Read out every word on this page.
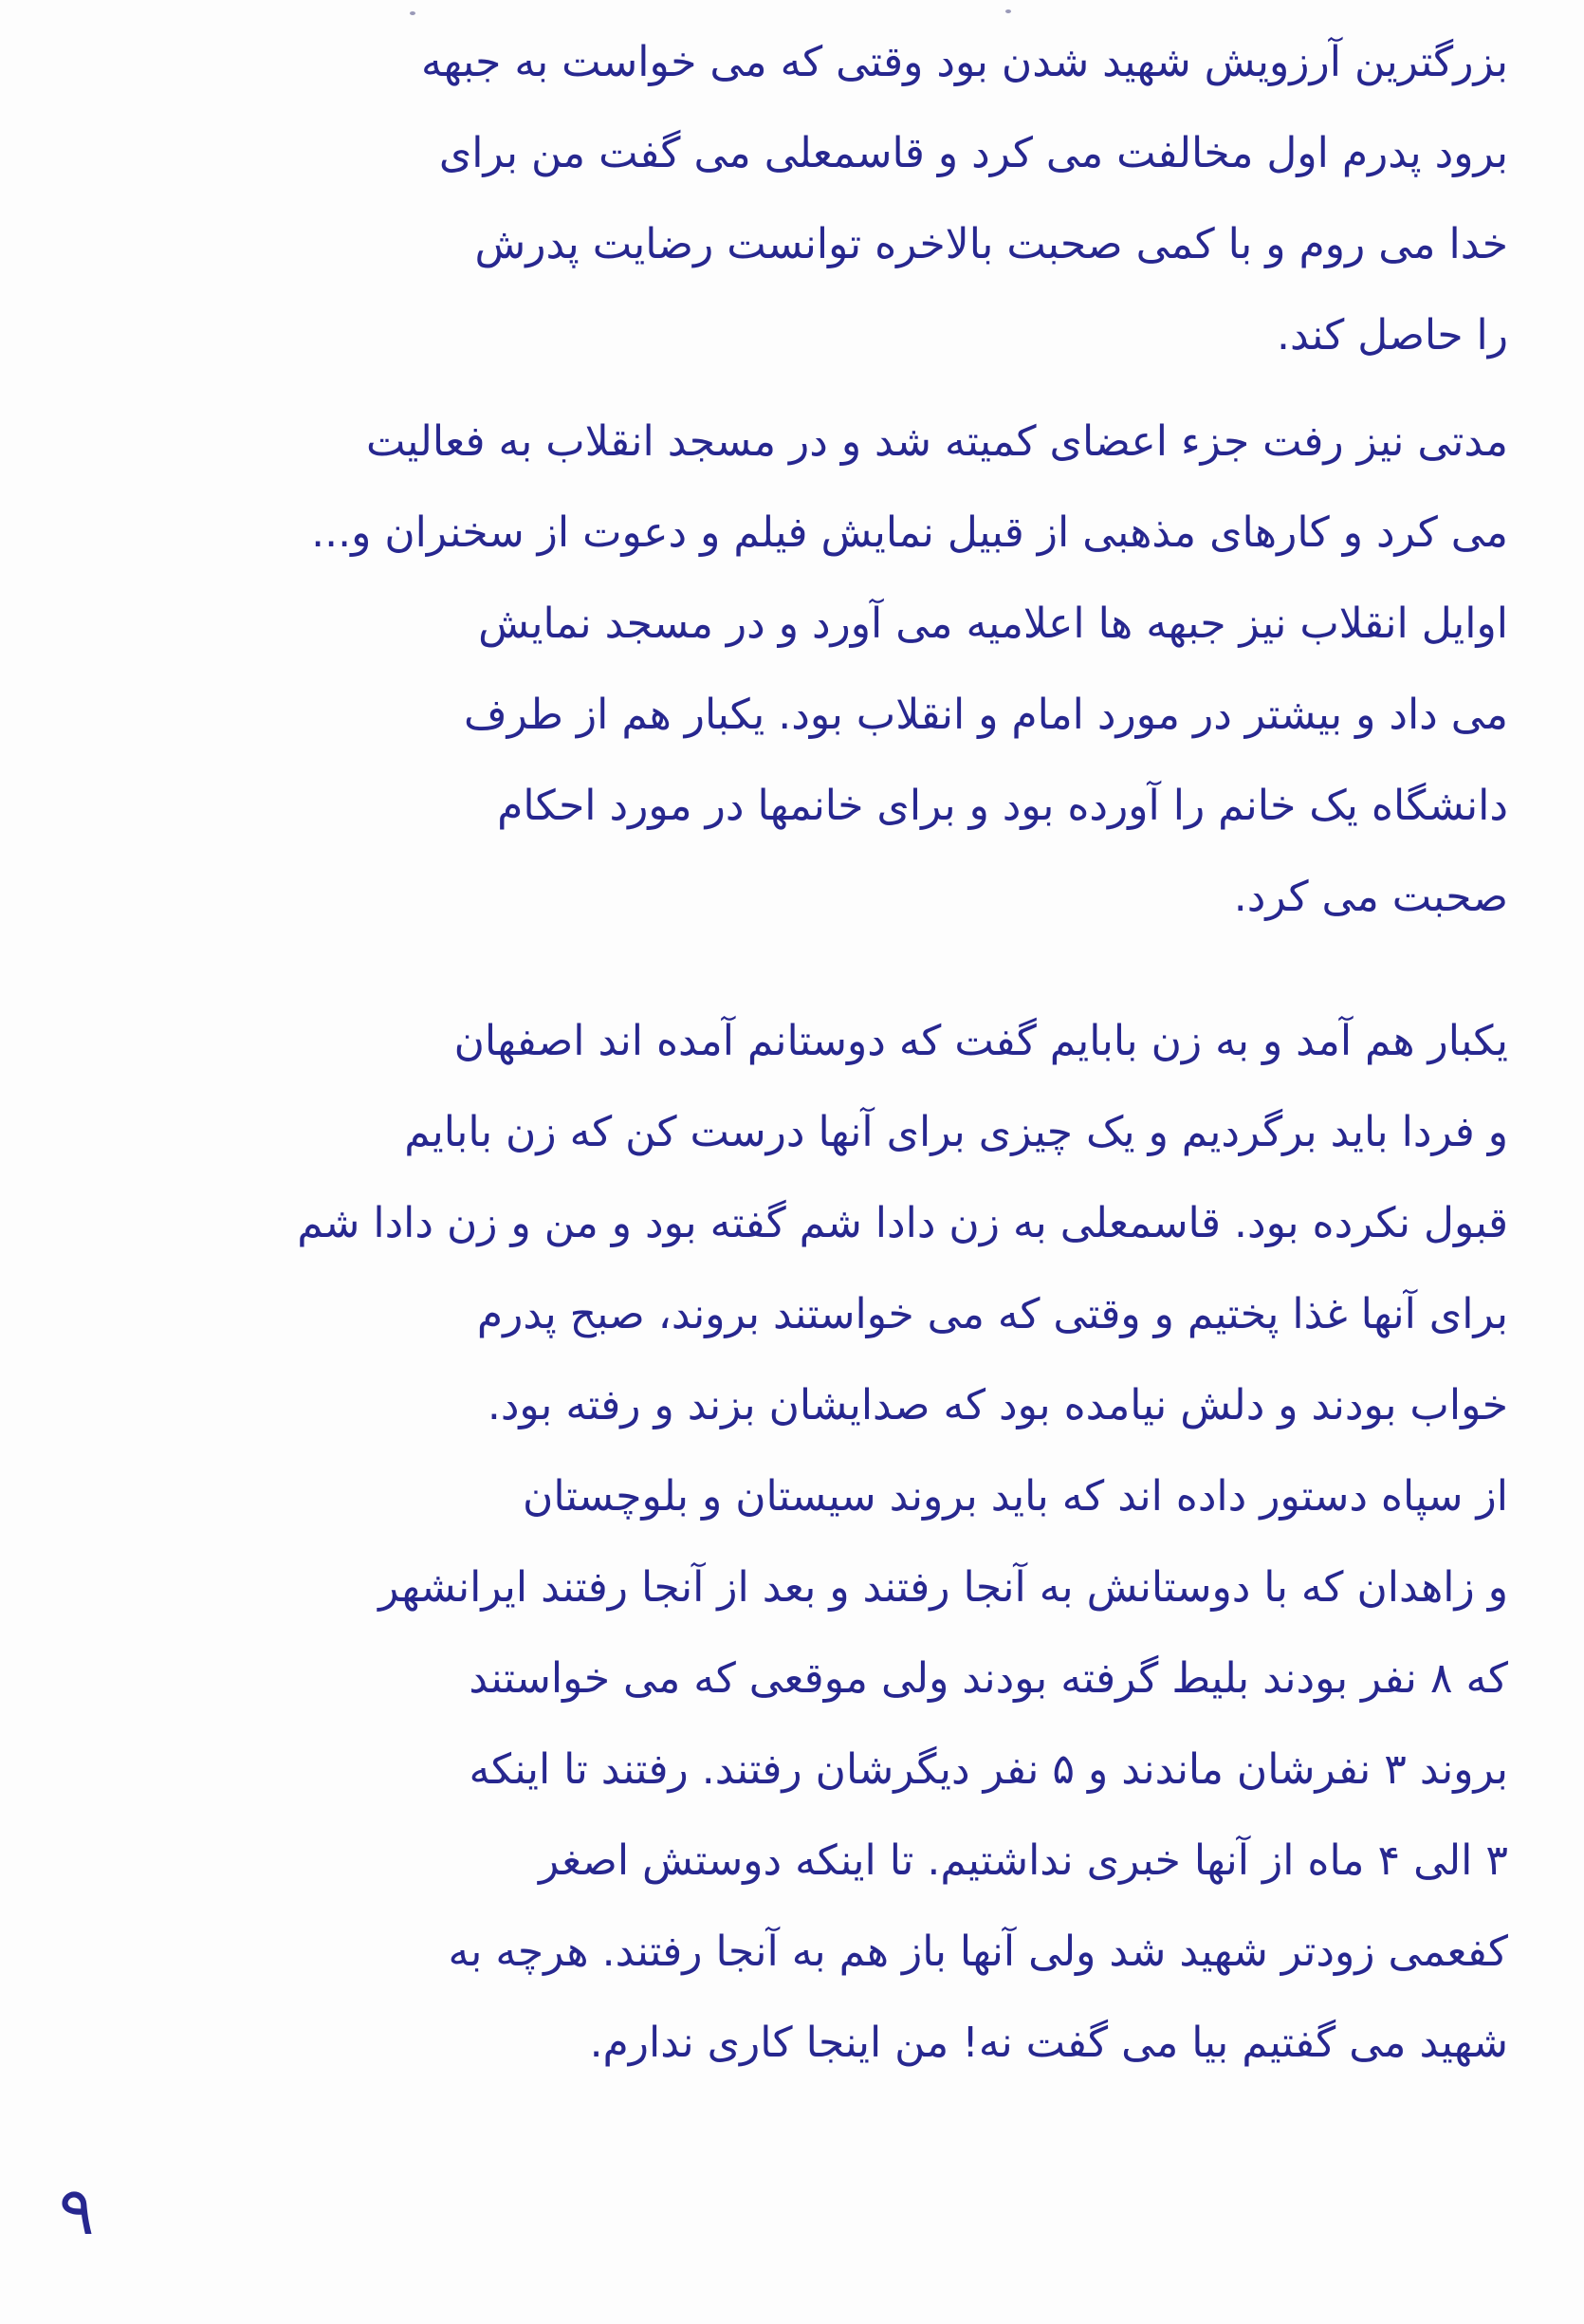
بزرگترین آرزویش شهید شدن بود وقتی که می خواست به جبهه
برود پدرم اول مخالفت می کرد و قاسمعلی می گفت من برای
خدا می روم و با کمی صحبت بالاخره توانست رضایت پدرش
را حاصل کند.
مدتی نیز رفت جزء اعضای کمیته شد و در مسجد انقلاب به فعالیت
می کرد و کارهای مذهبی از قبیل نمایش فیلم و دعوت از سخنران و...
اوایل انقلاب نیز جبهه ها اعلامیه می آورد و در مسجد نمایش
می داد و بیشتر در مورد امام و انقلاب بود. یکبار هم از طرف
دانشگاه یک خانم را آورده بود و برای خانمها در مورد احکام
صحبت می کرد.
یکبار هم آمد و به زن بابایم گفت که دوستانم آمده اند اصفهان
و فردا باید برگردیم و یک چیزی برای آنها درست کن که زن بابایم
قبول نکرده بود. قاسمعلی به زن دادا شم گفته بود و من و زن دادا شم
برای آنها غذا پختیم و وقتی که می خواستند بروند، صبح پدرم
خواب بودند و دلش نیامده بود که صدایشان بزند و رفته بود.
از سپاه دستور داده اند که باید بروند سیستان و بلوچستان
و زاهدان که با دوستانش به آنجا رفتند و بعد از آنجا رفتند ایرانشهر
که ۸ نفر بودند بلیط گرفته بودند ولی موقعی که می خواستند
بروند ۳ نفرشان ماندند و ۵ نفر دیگرشان رفتند. رفتند تا اینکه
۳ الی ۴ ماه از آنها خبری نداشتیم. تا اینکه دوستش اصغر
کفعمی زودتر شهید شد ولی آنها باز هم به آنجا رفتند. هرچه به
شهید می گفتیم بیا می گفت نه! من اینجا کاری ندارم.
۹
